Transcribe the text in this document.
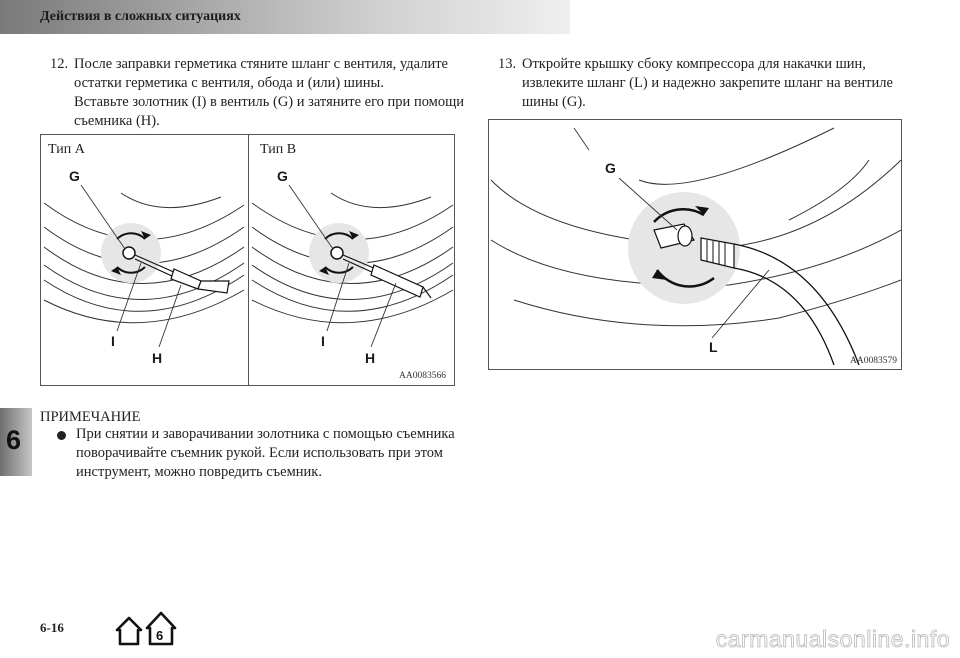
Действия в сложных ситуациях
12. После заправки герметика стяните шланг с вентиля, удалите

остатки герметика с вентиля, обода и (или) шины.

Вставьте золотник (I) в вентиль (G) и затяните его при помощи

съемника (H).

13. Откройте крышку сбоку компрессора для накачки шин,

извлеките шланг (L) и надежно закрепите шланг на вентиле

шины (G).

Тип А	Тип В
G
I
H
G
I
H
AA0083566
G
L
AA0083579
ПРИМЕЧАНИЕ

При снятии и заворачивании золотника с помощью съемника

поворачивайте съемник рукой. Если использовать при этом

инструмент, можно повредить съемник.

6
6-16
6	carmanualsonline.info
